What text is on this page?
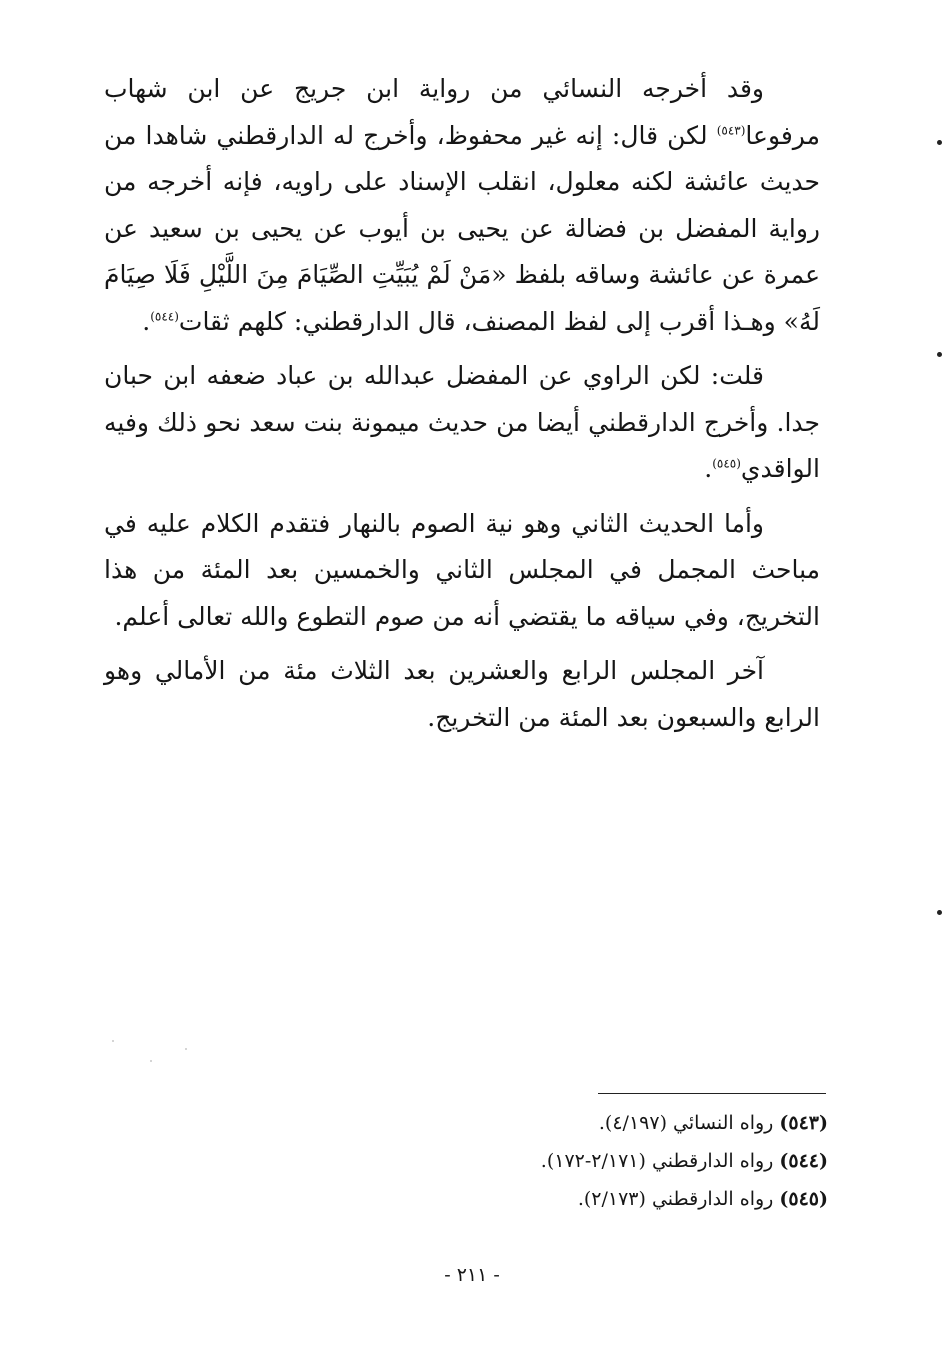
وقد أخرجه النسائي من رواية ابن جريج عن ابن شهاب مرفوعا$^{(٥٤٣)}$ لكن قال: إنه غير محفوظ، وأخرج له الدارقطني شاهدا من حديث عائشة لكنه معلول، انقلب الإسناد على راويه، فإنه أخرجه من رواية المفضل بن فضالة عن يحيى بن أيوب عن يحيى بن سعيد عن عمرة عن عائشة وساقه بلفظ «مَنْ لَمْ يُبَيِّتِ الصِّيَامَ مِنَ اللَّيْلِ فَلَا صِيَامَ لَهُ» وهـذا أقرب إلى لفظ المصنف، قال الدارقطني: كلهم ثقات$^{(٥٤٤)}$.

قلت: لكن الراوي عن المفضل عبدالله بن عباد ضعفه ابن حبان جدا. وأخرج الدارقطني أيضا من حديث ميمونة بنت سعد نحو ذلك وفيه الواقدي$^{(٥٤٥)}$.

وأما الحديث الثاني وهو نية الصوم بالنهار فتقدم الكلام عليه في مباحث المجمل في المجلس الثاني والخمسين بعد المئة من هذا التخريج، وفي سياقه ما يقتضي أنه من صوم التطوع والله تعالى أعلم.

آخر المجلس الرابع والعشرين بعد الثلاث مئة من الأمالي وهو الرابع والسبعون بعد المئة من التخريج.

(٥٤٣) رواه النسائي (٤/١٩٧).
(٥٤٤) رواه الدارقطني (٢/١٧١-١٧٢).
(٥٤٥) رواه الدارقطني (٢/١٧٣).
- ٢١١ -
